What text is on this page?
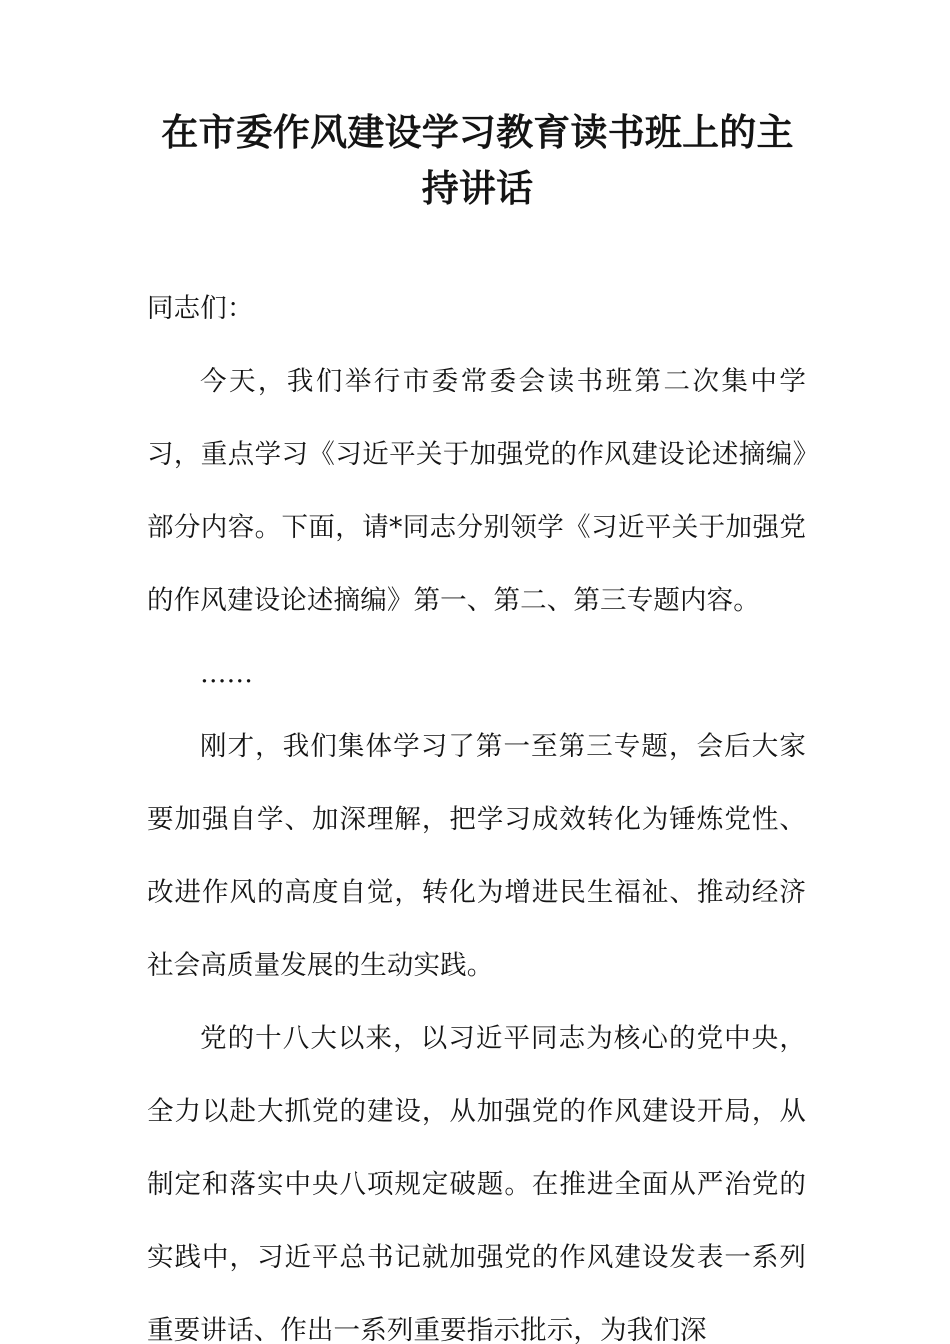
在市委作风建设学习教育读书班上的主持讲话

同志们：

今天，我们举行市委常委会读书班第二次集中学习，重点学习《习近平关于加强党的作风建设论述摘编》部分内容。下面，请*同志分别领学《习近平关于加强党的作风建设论述摘编》第一、第二、第三专题内容。

……

刚才，我们集体学习了第一至第三专题，会后大家要加强自学、加深理解，把学习成效转化为锤炼党性、改进作风的高度自觉，转化为增进民生福祉、推动经济社会高质量发展的生动实践。

党的十八大以来，以习近平同志为核心的党中央，全力以赴大抓党的建设，从加强党的作风建设开局，从制定和落实中央八项规定破题。在推进全面从严治党的实践中，习近平总书记就加强党的作风建设发表一系列重要讲话、作出一系列重要指示批示，为我们深
